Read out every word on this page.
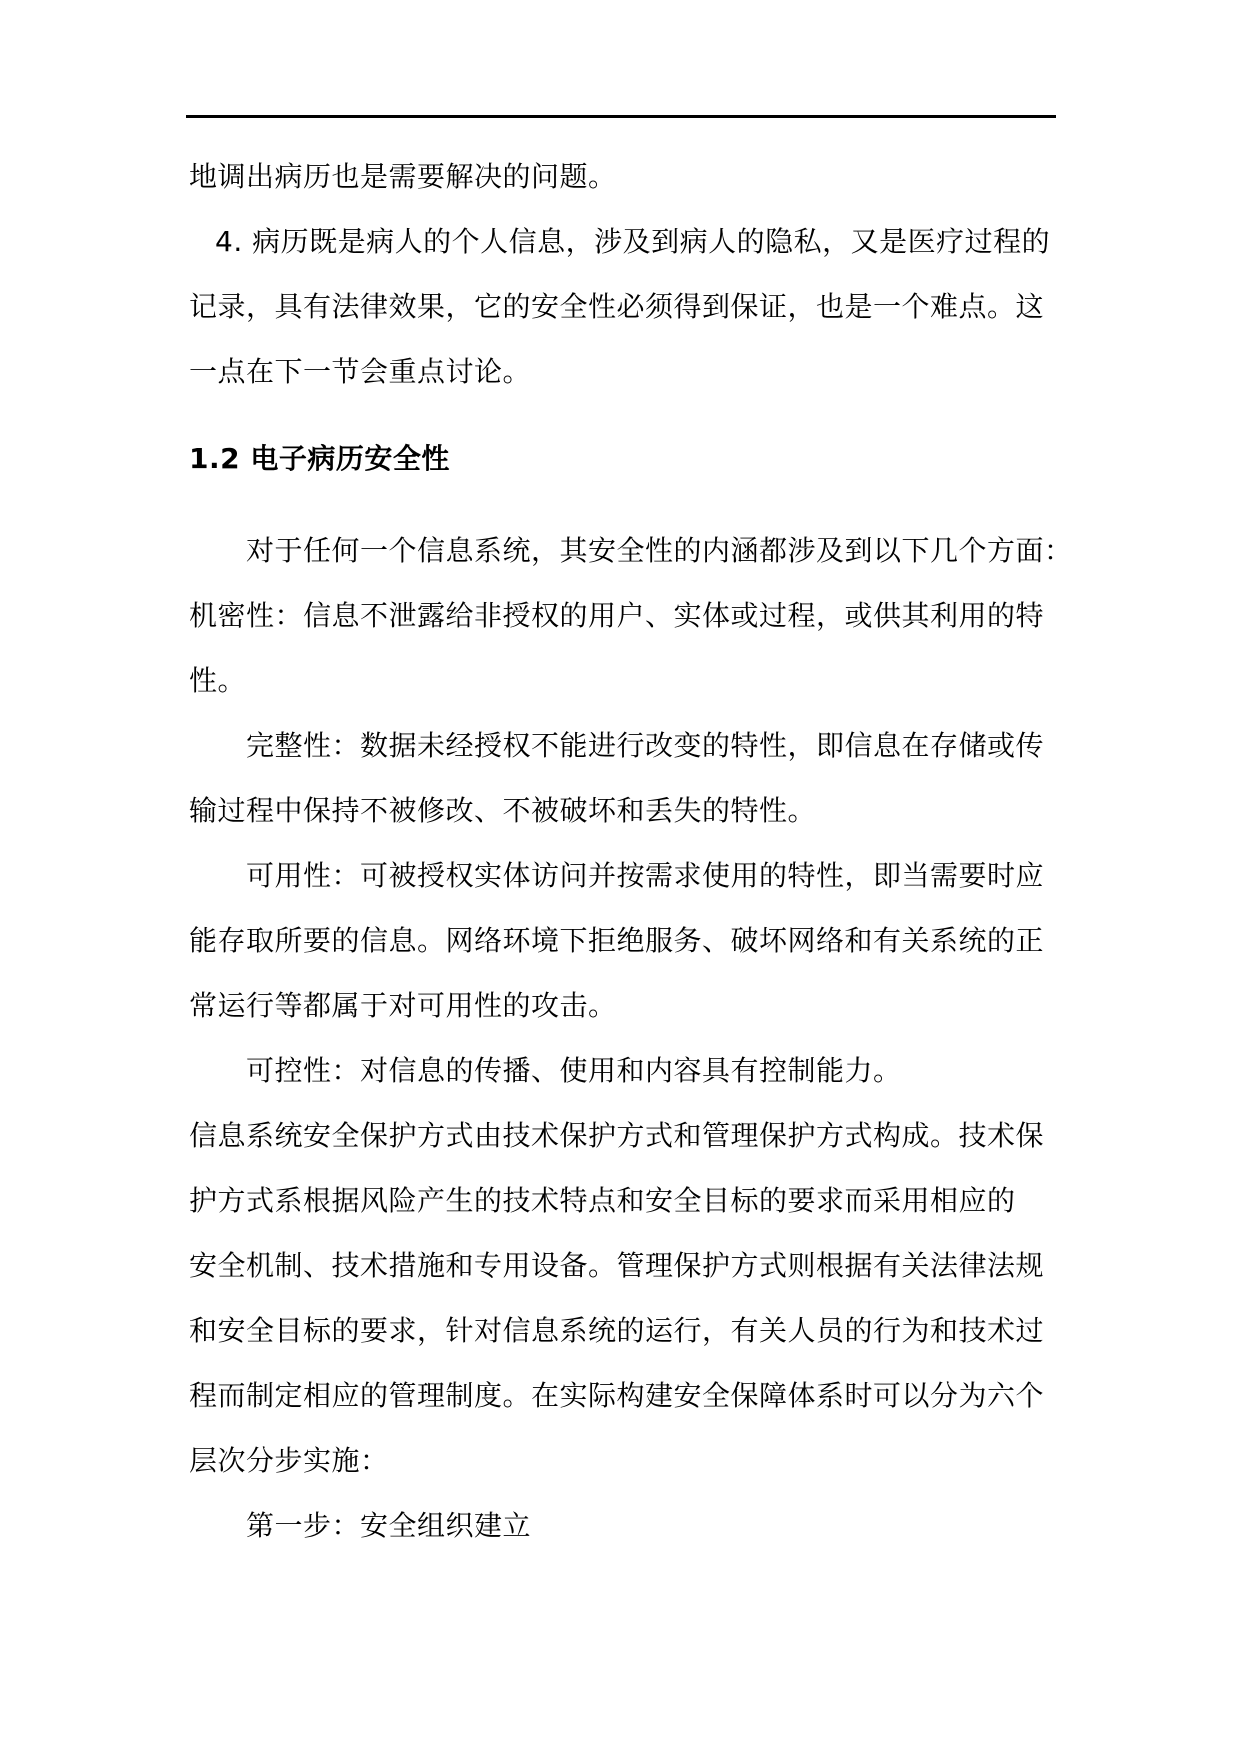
地调出病历也是需要解决的问题。
4. 病历既是病人的个人信息，涉及到病人的隐私，又是医疗过程的
记录，具有法律效果，它的安全性必须得到保证，也是一个难点。这
一点在下一节会重点讨论。
1.2 电子病历安全性
对于任何一个信息系统，其安全性的内涵都涉及到以下几个方面：
机密性：信息不泄露给非授权的用户、实体或过程，或供其利用的特
性。
完整性：数据未经授权不能进行改变的特性，即信息在存储或传
输过程中保持不被修改、不被破坏和丢失的特性。
可用性：可被授权实体访问并按需求使用的特性，即当需要时应
能存取所要的信息。网络环境下拒绝服务、破坏网络和有关系统的正
常运行等都属于对可用性的攻击。
可控性：对信息的传播、使用和内容具有控制能力。
信息系统安全保护方式由技术保护方式和管理保护方式构成。技术保
护方式系根据风险产生的技术特点和安全目标的要求而采用相应的
安全机制、技术措施和专用设备。管理保护方式则根据有关法律法规
和安全目标的要求，针对信息系统的运行，有关人员的行为和技术过
程而制定相应的管理制度。在实际构建安全保障体系时可以分为六个
层次分步实施：
第一步：安全组织建立
